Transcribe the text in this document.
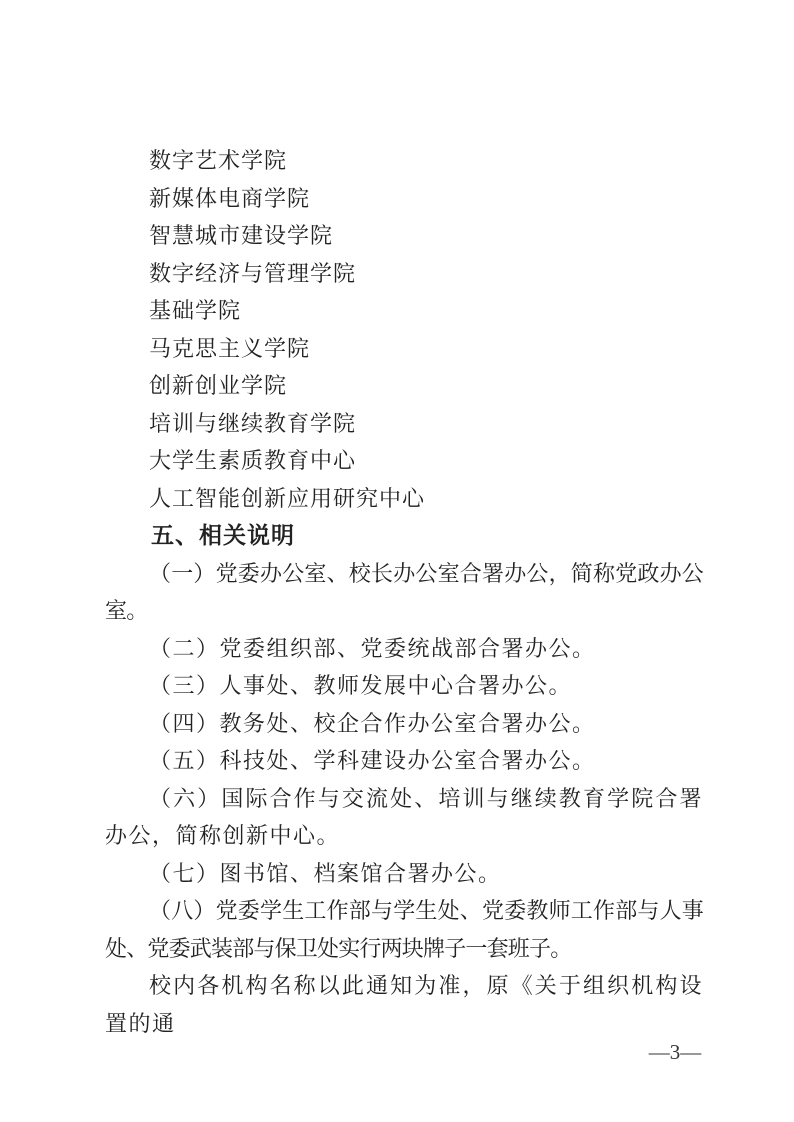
数字艺术学院

新媒体电商学院

智慧城市建设学院

数字经济与管理学院

基础学院

马克思主义学院

创新创业学院

培训与继续教育学院

大学生素质教育中心

人工智能创新应用研究中心

五、相关说明

（一）党委办公室、校长办公室合署办公，简称党政办公室。

（二）党委组织部、党委统战部合署办公。

（三）人事处、教师发展中心合署办公。

（四）教务处、校企合作办公室合署办公。

（五）科技处、学科建设办公室合署办公。

（六）国际合作与交流处、培训与继续教育学院合署办公，简称创新中心。

（七）图书馆、档案馆合署办公。

（八）党委学生工作部与学生处、党委教师工作部与人事处、党委武装部与保卫处实行两块牌子一套班子。

校内各机构名称以此通知为准，原《关于组织机构设置的通

—3—
